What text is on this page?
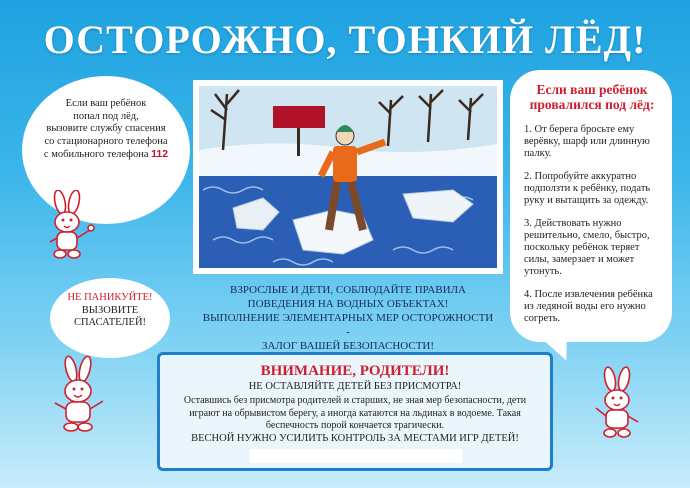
ОСТОРОЖНО, ТОНКИЙ ЛЁД!
Если ваш ребёнок
попал под лёд,
вызовите службу спасения
со стационарного телефона
с мобильного телефона 112
НЕ ПАНИКУЙТЕ!
ВЫЗОВИТЕ
СПАСАТЕЛЕЙ!
ВЗРОСЛЫЕ И ДЕТИ, СОБЛЮДАЙТЕ ПРАВИЛА
ПОВЕДЕНИЯ НА ВОДНЫХ ОБЪЕКТАХ!
ВЫПОЛНЕНИЕ ЭЛЕМЕНТАРНЫХ МЕР ОСТОРОЖНОСТИ -
ЗАЛОГ ВАШЕЙ БЕЗОПАСНОСТИ!
Если ваш ребёнок провалился под лёд:
1. От берега бросьте ему верёвку, шарф или длинную палку.
2. Попробуйте аккуратно подползти к ребёнку, подать руку и вытащить за одежду.
3. Действовать нужно решительно, смело, быстро, поскольку ребёнок теряет силы, замерзает и может утонуть.
4. После извлечения ребёнка из ледяной воды его нужно согреть.
ВНИМАНИЕ, РОДИТЕЛИ!
НЕ ОСТАВЛЯЙТЕ ДЕТЕЙ БЕЗ ПРИСМОТРА!
Оставшись без присмотра родителей и старших, не зная мер безопасности, дети играют на обрывистом берегу, а иногда катаются на льдинах в водоеме. Такая беспечность порой кончается трагически.
ВЕСНОЙ НУЖНО УСИЛИТЬ КОНТРОЛЬ ЗА МЕСТАМИ ИГР ДЕТЕЙ!
